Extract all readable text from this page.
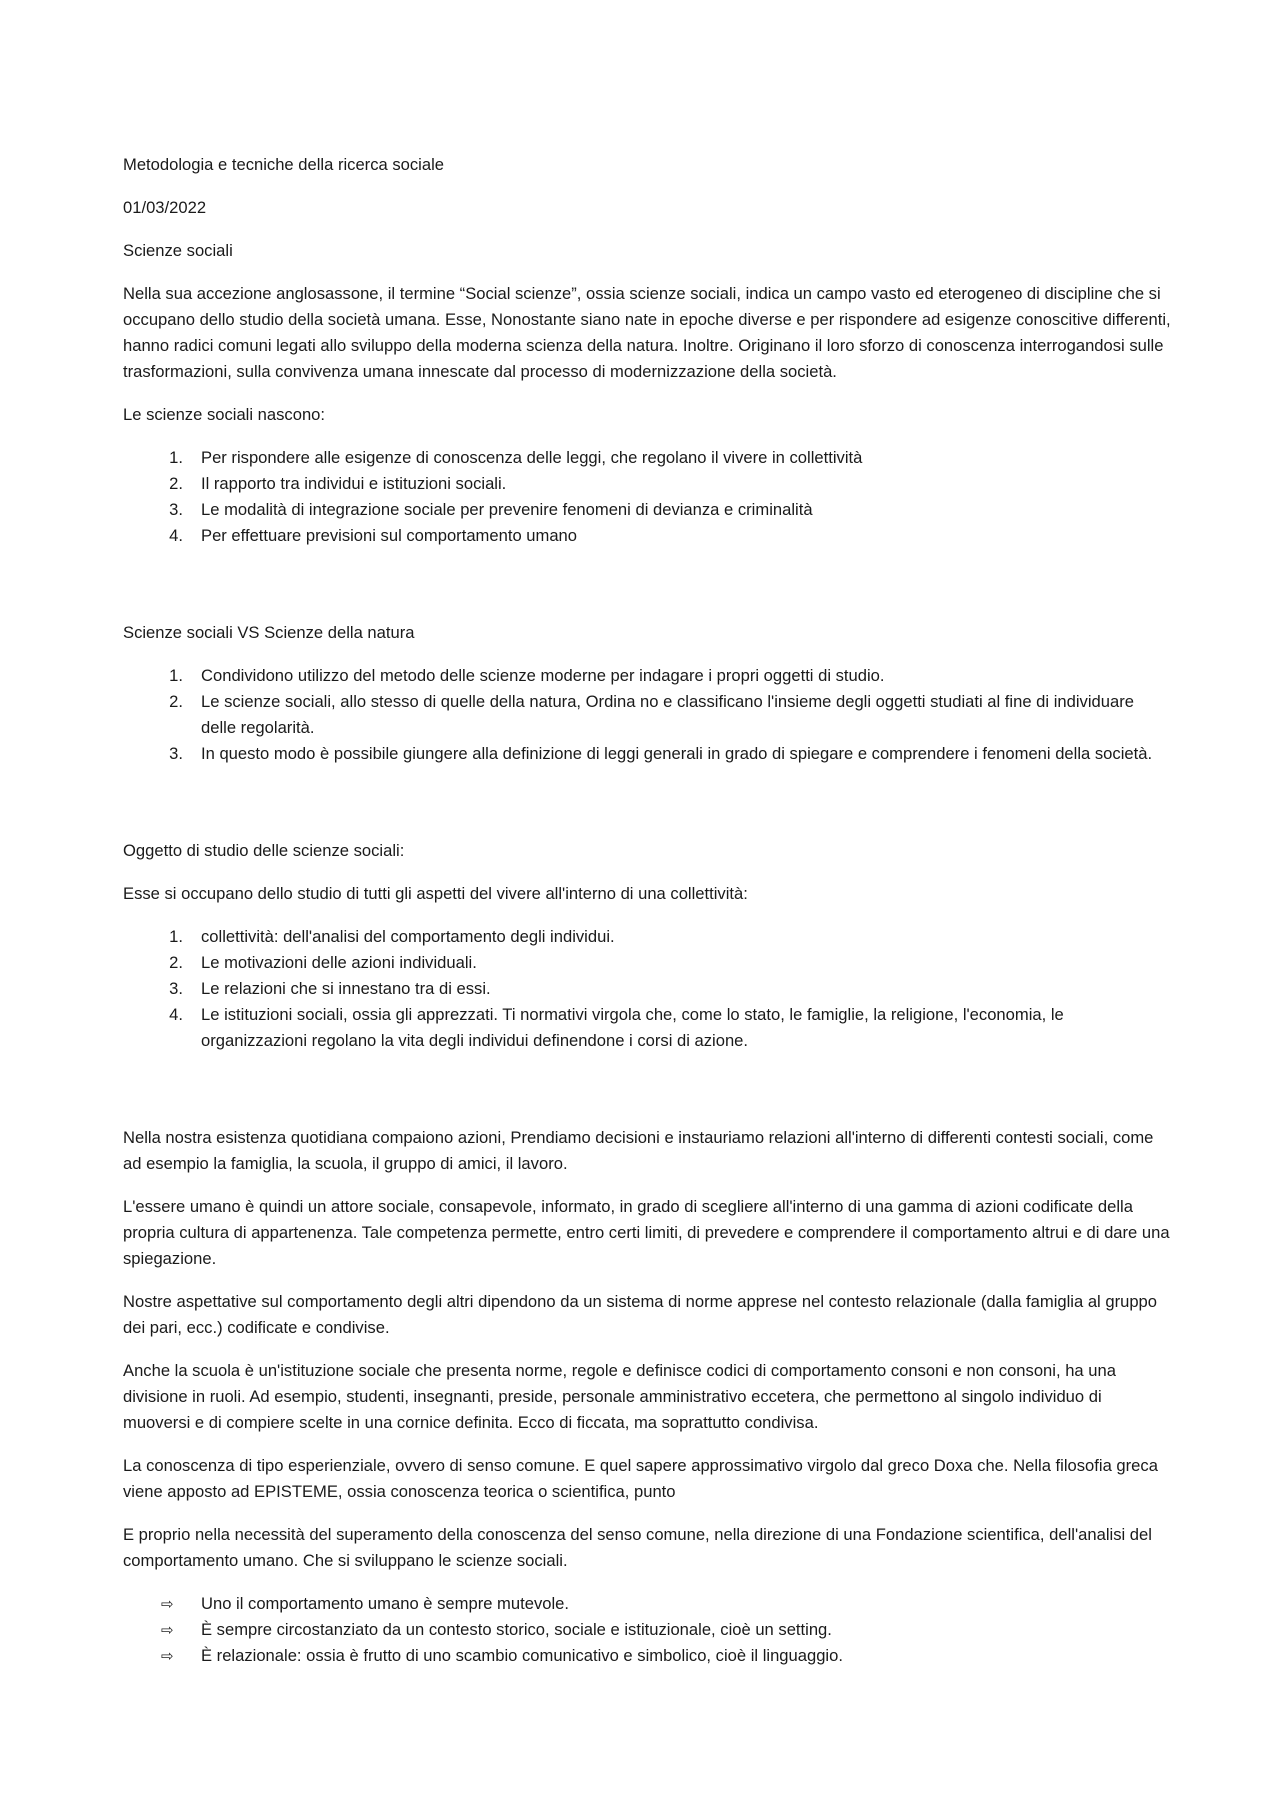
Metodologia e tecniche della ricerca sociale

01/03/2022

Scienze sociali

Nella sua accezione anglosassone, il termine “Social scienze”, ossia scienze sociali, indica un campo vasto ed eterogeneo di discipline che si occupano dello studio della società umana. Esse, Nonostante siano nate in epoche diverse e per rispondere ad esigenze conoscitive differenti, hanno radici comuni legati allo sviluppo della moderna scienza della natura. Inoltre. Originano il loro sforzo di conoscenza interrogandosi sulle trasformazioni, sulla convivenza umana innescate dal processo di modernizzazione della società.

Le scienze sociali nascono:

1. Per rispondere alle esigenze di conoscenza delle leggi, che regolano il vivere in collettività
2. Il rapporto tra individui e istituzioni sociali.
3. Le modalità di integrazione sociale per prevenire fenomeni di devianza e criminalità
4. Per effettuare previsioni sul comportamento umano

Scienze sociali VS Scienze della natura

1. Condividono utilizzo del metodo delle scienze moderne per indagare i propri oggetti di studio.
2. Le scienze sociali, allo stesso di quelle della natura, Ordina no e classificano l'insieme degli oggetti studiati al fine di individuare delle regolarità.
3. In questo modo è possibile giungere alla definizione di leggi generali in grado di spiegare e comprendere i fenomeni della società.

Oggetto di studio delle scienze sociali:

Esse si occupano dello studio di tutti gli aspetti del vivere all'interno di una collettività:

1. collettività: dell'analisi del comportamento degli individui.
2. Le motivazioni delle azioni individuali.
3. Le relazioni che si innestano tra di essi.
4. Le istituzioni sociali, ossia gli apprezzati. Ti normativi virgola che, come lo stato, le famiglie, la religione, l'economia, le organizzazioni regolano la vita degli individui definendone i corsi di azione.

Nella nostra esistenza quotidiana compaiono azioni, Prendiamo decisioni e instauriamo relazioni all'interno di differenti contesti sociali, come ad esempio la famiglia, la scuola, il gruppo di amici, il lavoro.

L'essere umano è quindi un attore sociale, consapevole, informato, in grado di scegliere all'interno di una gamma di azioni codificate della propria cultura di appartenenza. Tale competenza permette, entro certi limiti, di prevedere e comprendere il comportamento altrui e di dare una spiegazione.

Nostre aspettative sul comportamento degli altri dipendono da un sistema di norme apprese nel contesto relazionale (dalla famiglia al gruppo dei pari, ecc.) codificate e condivise.

Anche la scuola è un'istituzione sociale che presenta norme, regole e definisce codici di comportamento consoni e non consoni, ha una divisione in ruoli. Ad esempio, studenti, insegnanti, preside, personale amministrativo eccetera, che permettono al singolo individuo di muoversi e di compiere scelte in una cornice definita. Ecco di ficcata, ma soprattutto condivisa.

La conoscenza di tipo esperienziale, ovvero di senso comune. E quel sapere approssimativo virgolo dal greco Doxa che. Nella filosofia greca viene apposto ad EPISTEME, ossia conoscenza teorica o scientifica, punto

E proprio nella necessità del superamento della conoscenza del senso comune, nella direzione di una Fondazione scientifica, dell'analisi del comportamento umano. Che si sviluppano le scienze sociali.

⇨	Uno il comportamento umano è sempre mutevole.
⇨	È sempre circostanziato da un contesto storico, sociale e istituzionale, cioè un setting.
⇨	È relazionale: ossia è frutto di uno scambio comunicativo e simbolico, cioè il linguaggio.
